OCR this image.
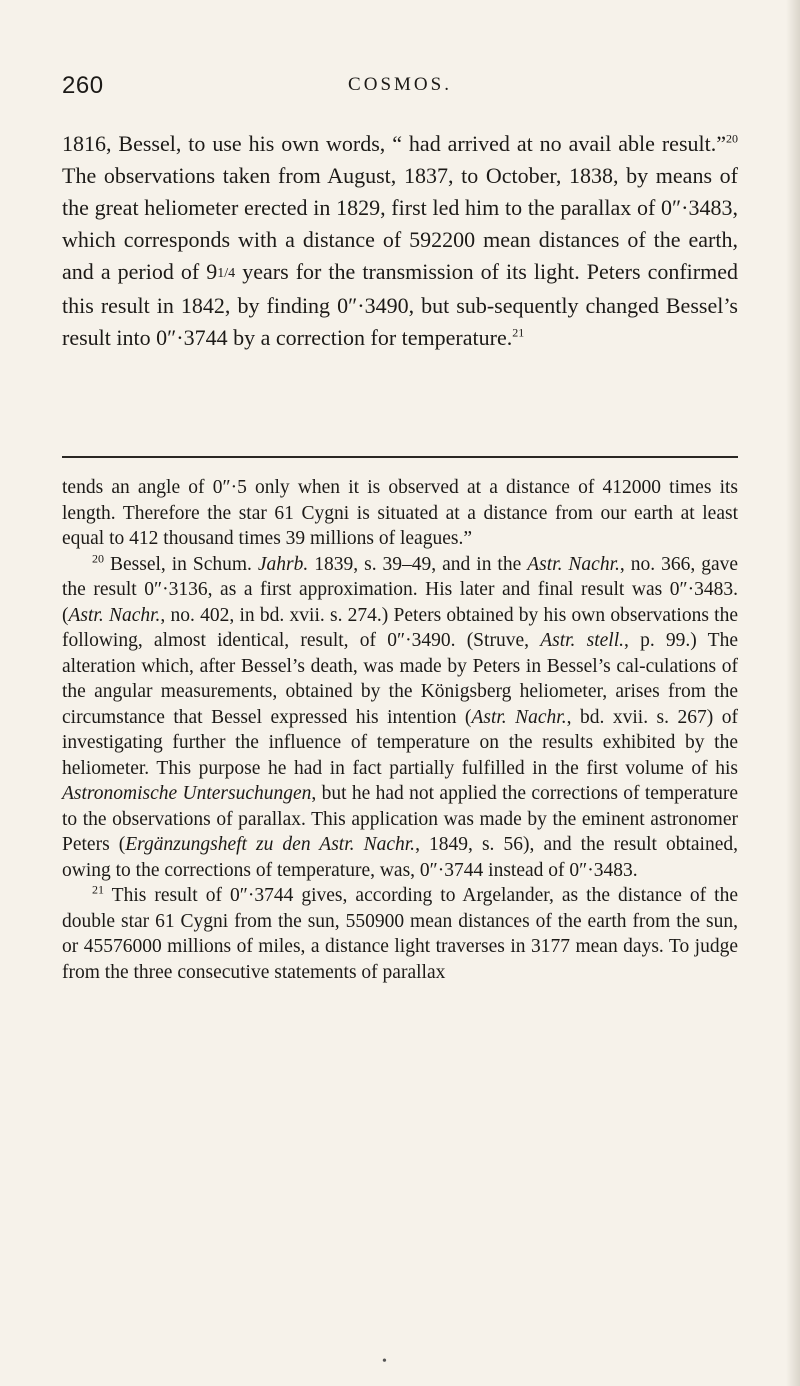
260	COSMOS.

1816, Bessel, to use his own words, “ had arrived at no avail able result.”$^{20}$ The observations taken from August, 1837, to October, 1838, by means of the great heliometer erected in 1829, first led him to the parallax of 0″·3483, which corresponds with a distance of 592200 mean distances of the earth, and a period of 91/4 years for the transmission of its light. Peters confirmed this result in 1842, by finding 0″·3490, but sub-sequently changed Bessel’s result into 0″·3744 by a correction for temperature.$^{21}$

tends an angle of 0″·5 only when it is observed at a distance of 412000 times its length. Therefore the star 61 Cygni is situated at a distance from our earth at least equal to 412 thousand times 39 millions of leagues.”

$^{20}$ Bessel, in Schum. Jahrb. 1839, s. 39–49, and in the Astr. Nachr., no. 366, gave the result 0″·3136, as a first approximation. His later and final result was 0″·3483. (Astr. Nachr., no. 402, in bd. xvii. s. 274.) Peters obtained by his own observations the following, almost identical, result, of 0″·3490. (Struve, Astr. stell., p. 99.) The alteration which, after Bessel’s death, was made by Peters in Bessel’s cal-culations of the angular measurements, obtained by the Königsberg heliometer, arises from the circumstance that Bessel expressed his intention (Astr. Nachr., bd. xvii. s. 267) of investigating further the influence of temperature on the results exhibited by the heliometer. This purpose he had in fact partially fulfilled in the first volume of his Astronomische Untersuchungen, but he had not applied the corrections of temperature to the observations of parallax. This application was made by the eminent astronomer Peters (Ergänzungsheft zu den Astr. Nachr., 1849, s. 56), and the result obtained, owing to the corrections of temperature, was, 0″·3744 instead of 0″·3483.

$^{21}$ This result of 0″·3744 gives, according to Argelander, as the distance of the double star 61 Cygni from the sun, 550900 mean distances of the earth from the sun, or 45576000 millions of miles, a distance light traverses in 3177 mean days. To judge from the three consecutive statements of parallax

•
